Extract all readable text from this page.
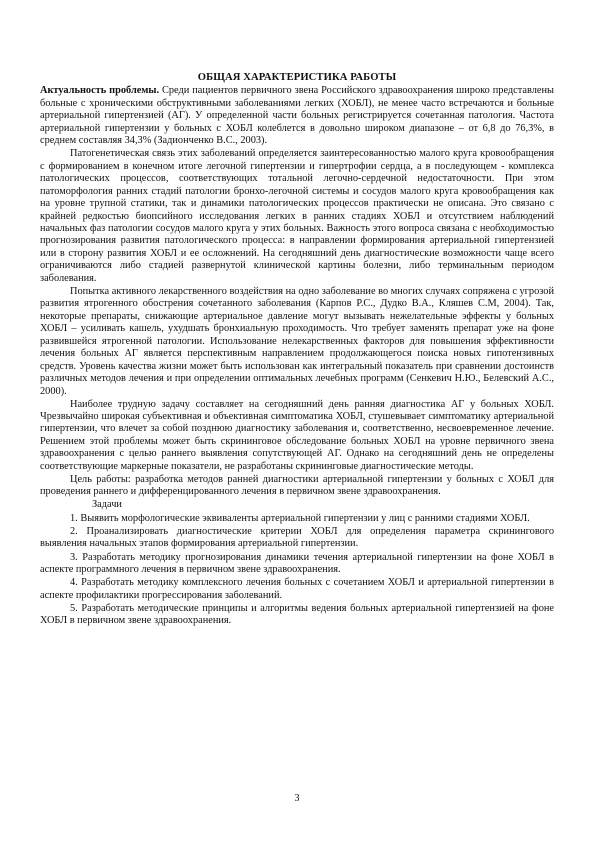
ОБЩАЯ ХАРАКТЕРИСТИКА РАБОТЫ

Актуальность проблемы. Среди пациентов первичного звена Российского здравоохранения широко представлены больные с хроническими обструктивными заболеваниями легких (ХОБЛ), не менее часто встречаются и больные артериальной гипертензией (АГ). У определенной части больных регистрируется сочетанная патология. Частота артериальной гипертензии у больных с ХОБЛ колеблется в довольно широком диапазоне – от 6,8 до 76,3%, в среднем составляя 34,3% (Задионченко В.С., 2003).

Патогенетическая связь этих заболеваний определяется заинтересованностью малого круга кровообращения с формированием в конечном итоге легочной гипертензии и гипертрофии сердца, а в последующем - комплекса патологических процессов, соответствующих тотальной легочно-сердечной недостаточности. При этом патоморфология ранних стадий патологии бронхо-легочной системы и сосудов малого круга кровообращения как на уровне трупной статики, так и динамики патологических процессов практически не описана. Это связано с крайней редкостью биопсийного исследования легких в ранних стадиях ХОБЛ и отсутствием наблюдений начальных фаз патологии сосудов малого круга у этих больных. Важность этого вопроса связана с необходимостью прогнозирования развития патологического процесса: в направлении формирования артериальной гипертензией или в сторону развития ХОБЛ и ее осложнений. На сегодняшний день диагностические возможности чаще всего ограничиваются либо стадией развернутой клинической картины болезни, либо терминальным периодом заболевания.

Попытка активного лекарственного воздействия на одно заболевание во многих случаях сопряжена с угрозой развития ятрогенного обострения сочетанного заболевания (Карпов Р.С., Дудко В.А., Кляшев С.М, 2004). Так, некоторые препараты, снижающие артериальное давление могут вызывать нежелательные эффекты у больных ХОБЛ – усиливать кашель, ухудшать бронхиальную проходимость. Что требует заменять препарат уже на фоне развившейся ятрогенной патологии. Использование нелекарственных факторов для повышения эффективности лечения больных АГ является перспективным направлением продолжающегося поиска новых гипотензивных средств. Уровень качества жизни может быть использован как интегральный показатель при сравнении достоинств различных методов лечения и при определении оптимальных лечебных программ (Сенкевич Н.Ю., Белевский А.С., 2000).

Наиболее трудную задачу составляет на сегодняшний день ранняя диагностика АГ у больных ХОБЛ. Чрезвычайно широкая субъективная и объективная симптоматика ХОБЛ, стушевывает симптоматику артериальной гипертензии, что влечет за собой позднюю диагностику заболевания и, соответственно, несвоевременное лечение. Решением этой проблемы может быть скрининговое обследование больных ХОБЛ на уровне первичного звена здравоохранения с целью раннего выявления сопутствующей АГ. Однако на сегодняшний день не определены соответствующие маркерные показатели, не разработаны скрининговые диагностические методы.

Цель работы: разработка методов ранней диагностики артериальной гипертензии у больных с ХОБЛ для проведения раннего и дифференцированного лечения в первичном звене здравоохранения.

Задачи

1. Выявить морфологические эквиваленты артериальной гипертензии у лиц с ранними стадиями ХОБЛ.

2. Проанализировать диагностические критерии ХОБЛ для определения параметра скринингового выявления начальных этапов формирования артериальной гипертензии.

3. Разработать методику прогнозирования динамики течения артериальной гипертензии на фоне ХОБЛ в аспекте программного лечения в первичном звене здравоохранения.

4. Разработать методику комплексного лечения больных с сочетанием ХОБЛ и артериальной гипертензии в аспекте профилактики прогрессирования заболеваний.

5. Разработать методические принципы и алгоритмы ведения больных артериальной гипертензией на фоне ХОБЛ в первичном звене здравоохранения.

3
